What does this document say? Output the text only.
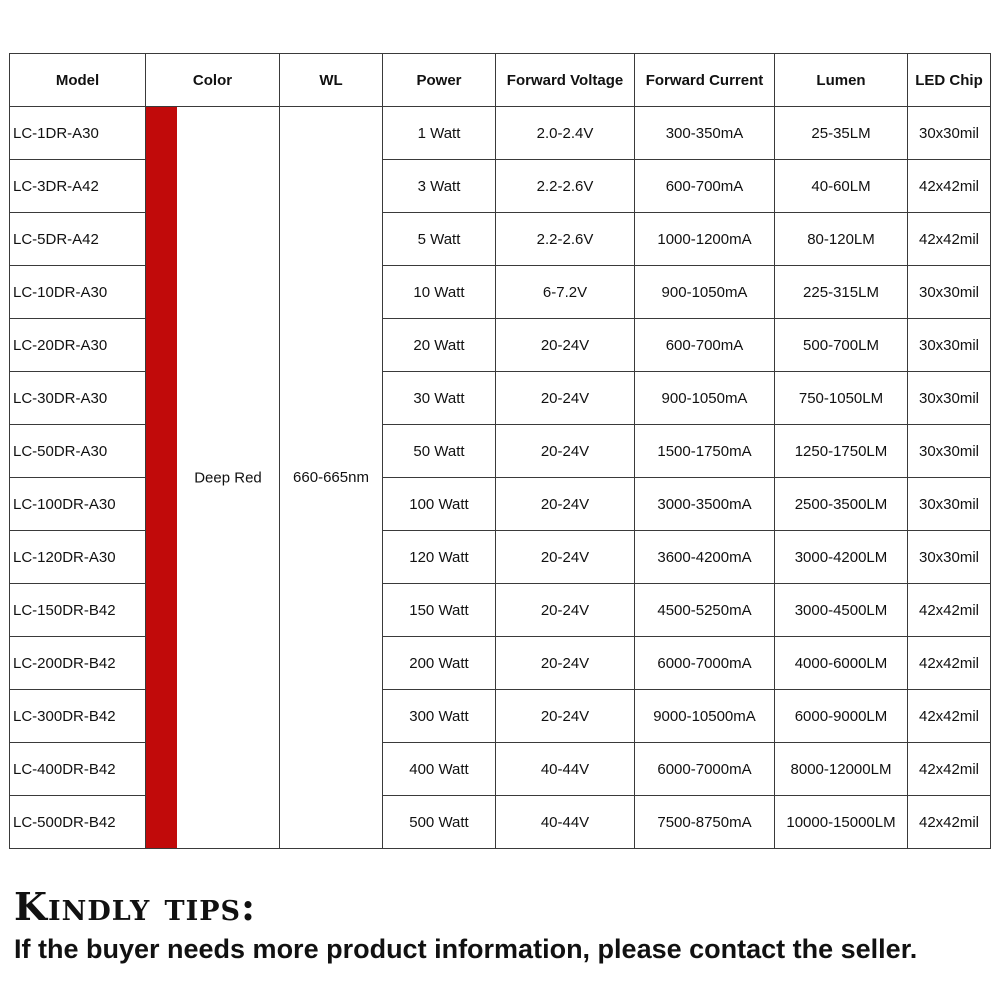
Model	Color	WL	Power	Forward Voltage	Forward Current	Lumen	LED Chip
LC-1DR-A30	Deep Red	660-665nm	1 Watt	2.0-2.4V	300-350mA	25-35LM	30x30mil
LC-3DR-A42			3 Watt	2.2-2.6V	600-700mA	40-60LM	42x42mil
LC-5DR-A42			5 Watt	2.2-2.6V	1000-1200mA	80-120LM	42x42mil
LC-10DR-A30			10 Watt	6-7.2V	900-1050mA	225-315LM	30x30mil
LC-20DR-A30			20 Watt	20-24V	600-700mA	500-700LM	30x30mil
LC-30DR-A30			30 Watt	20-24V	900-1050mA	750-1050LM	30x30mil
LC-50DR-A30			50 Watt	20-24V	1500-1750mA	1250-1750LM	30x30mil
LC-100DR-A30			100 Watt	20-24V	3000-3500mA	2500-3500LM	30x30mil
LC-120DR-A30			120 Watt	20-24V	3600-4200mA	3000-4200LM	30x30mil
LC-150DR-B42			150 Watt	20-24V	4500-5250mA	3000-4500LM	42x42mil
LC-200DR-B42			200 Watt	20-24V	6000-7000mA	4000-6000LM	42x42mil
LC-300DR-B42			300 Watt	20-24V	9000-10500mA	6000-9000LM	42x42mil
LC-400DR-B42			400 Watt	40-44V	6000-7000mA	8000-12000LM	42x42mil
LC-500DR-B42			500 Watt	40-44V	7500-8750mA	10000-15000LM	42x42mil
Kindly tips:

If the buyer needs more product information, please contact the seller.
